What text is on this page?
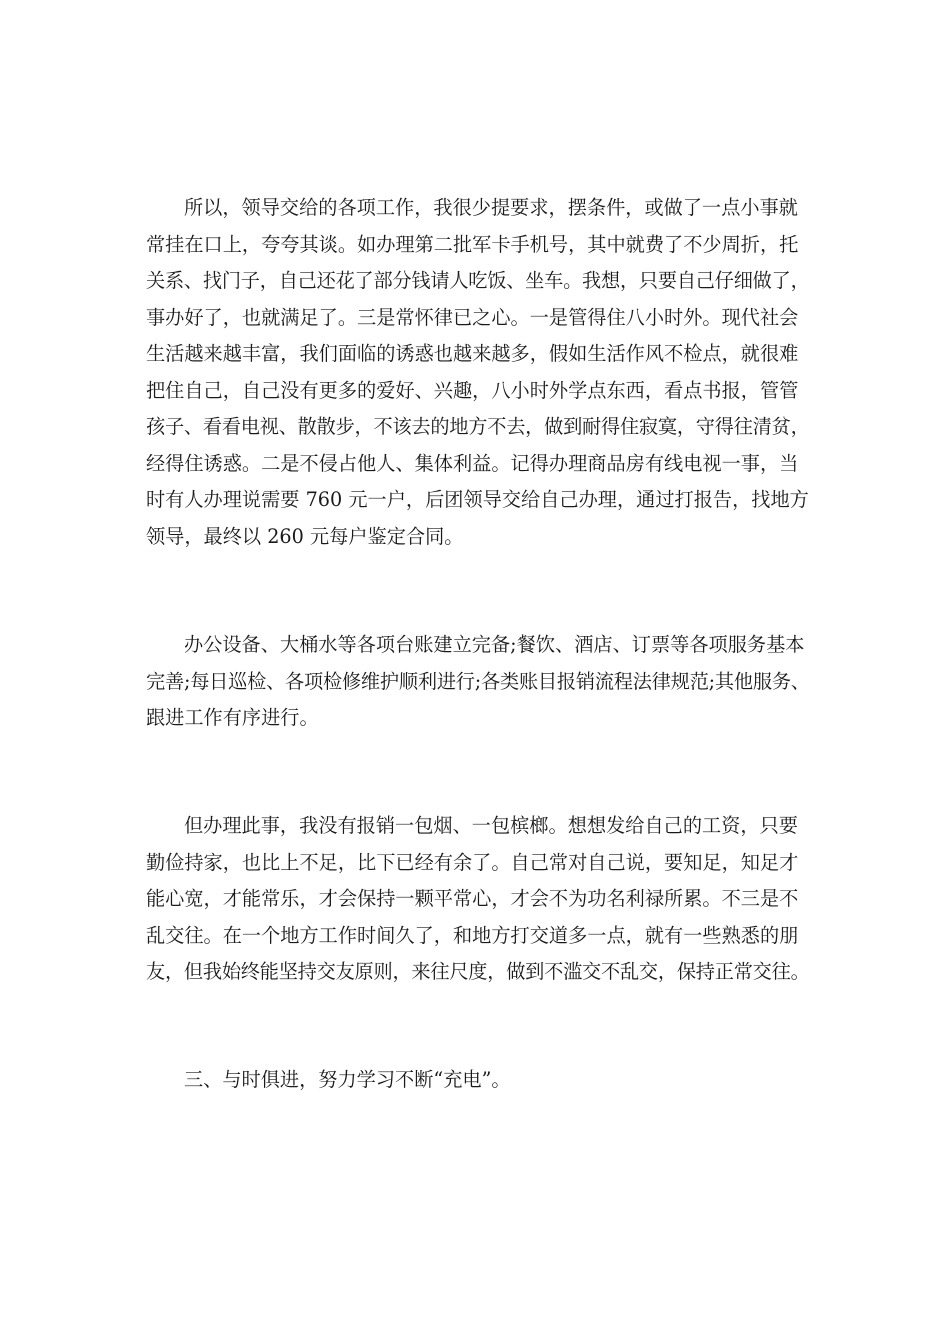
所以，领导交给的各项工作，我很少提要求，摆条件，或做了一点小事就
常挂在口上，夸夸其谈。如办理第二批军卡手机号，其中就费了不少周折，托
关系、找门子，自己还花了部分钱请人吃饭、坐车。我想，只要自己仔细做了，
事办好了，也就满足了。三是常怀律已之心。一是管得住八小时外。现代社会
生活越来越丰富，我们面临的诱惑也越来越多，假如生活作风不检点，就很难
把住自己，自己没有更多的爱好、兴趣，八小时外学点东西，看点书报，管管
孩子、看看电视、散散步，不该去的地方不去，做到耐得住寂寞，守得往清贫，
经得住诱惑。二是不侵占他人、集体利益。记得办理商品房有线电视一事，当
时有人办理说需要 760 元一户，后团领导交给自己办理，通过打报告，找地方
领导，最终以 260 元每户鉴定合同。

办公设备、大桶水等各项台账建立完备;餐饮、酒店、订票等各项服务基本
完善;每日巡检、各项检修维护顺利进行;各类账目报销流程法律规范;其他服务、
跟进工作有序进行。

但办理此事，我没有报销一包烟、一包槟榔。想想发给自己的工资，只要
勤俭持家，也比上不足，比下已经有余了。自己常对自己说，要知足，知足才
能心宽，才能常乐，才会保持一颗平常心，才会不为功名利禄所累。不三是不
乱交往。在一个地方工作时间久了，和地方打交道多一点，就有一些熟悉的朋
友，但我始终能坚持交友原则，来往尺度，做到不滥交不乱交，保持正常交往。

三、与时俱进，努力学习不断“充电”。
